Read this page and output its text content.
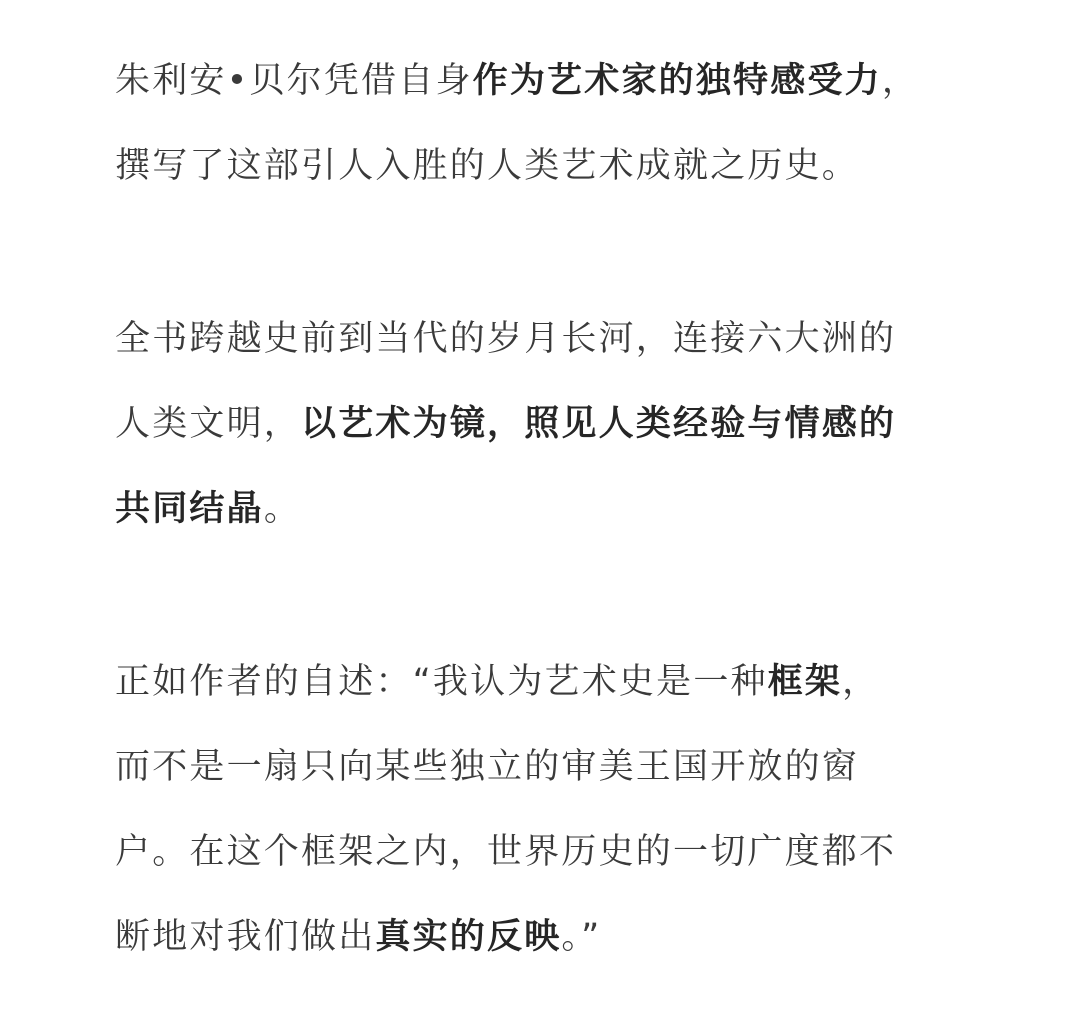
朱利安•贝尔凭借自身作为艺术家的独特感受力，
撰写了这部引人入胜的人类艺术成就之历史。
全书跨越史前到当代的岁月长河，连接六大洲的
人类文明，以艺术为镜，照见人类经验与情感的
共同结晶。
正如作者的自述：“我认为艺术史是一种框架，
而不是一扇只向某些独立的审美王国开放的窗
户。在这个框架之内，世界历史的一切广度都不
断地对我们做出真实的反映。”
